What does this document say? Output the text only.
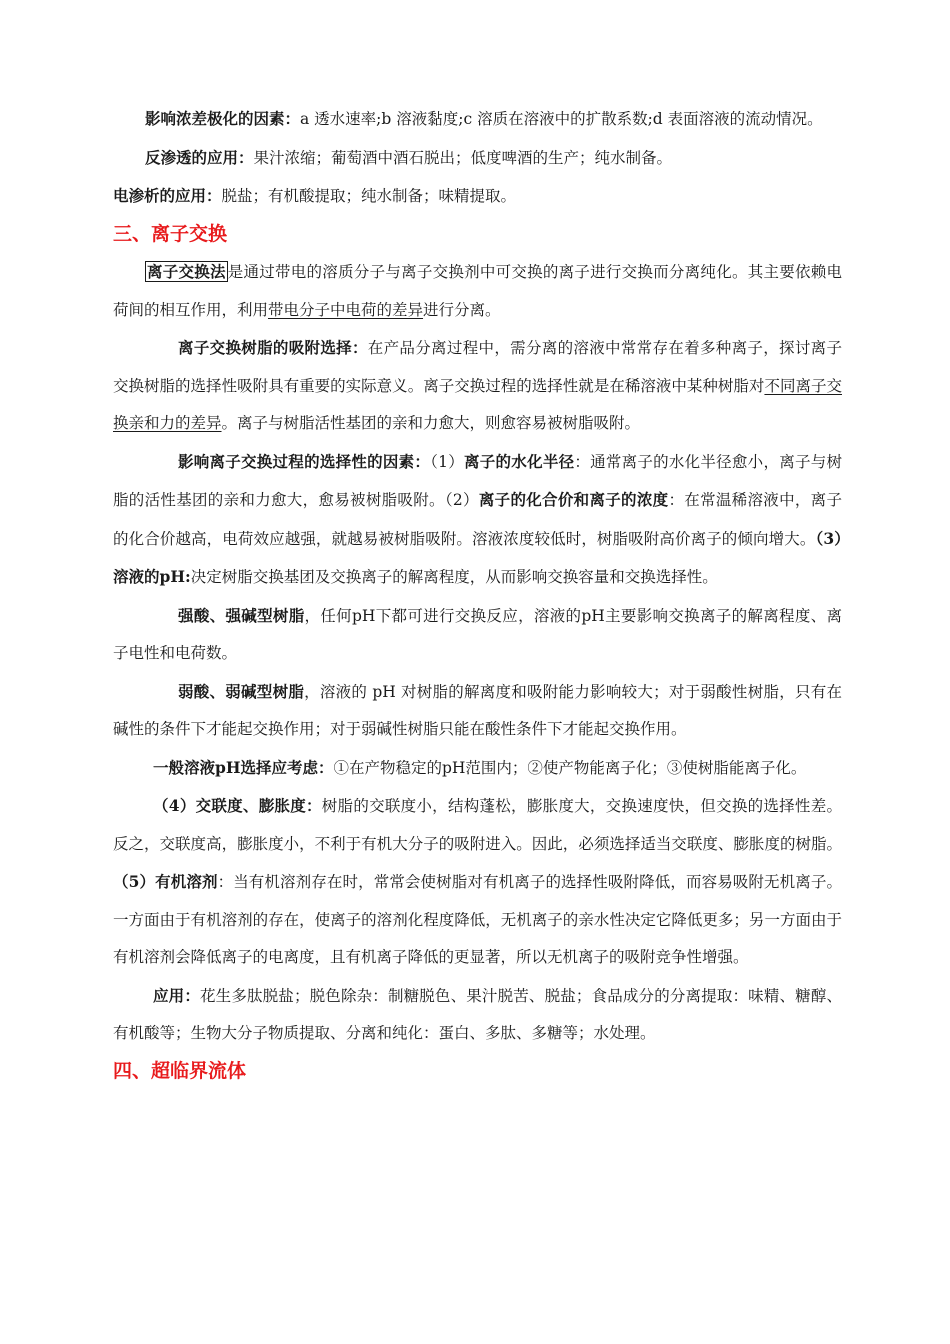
影响浓差极化的因素：a 透水速率;b 溶液黏度;c 溶质在溶液中的扩散系数;d 表面溶液的流动情况。

反渗透的应用：果汁浓缩；葡萄酒中酒石脱出；低度啤酒的生产；纯水制备。

电渗析的应用：脱盐；有机酸提取；纯水制备；味精提取。

三、离子交换

离子交换法 是通过带电的溶质分子与离子交换剂中可交换的离子进行交换而分离纯化。其主要依赖电荷间的相互作用，利用带电分子中电荷的差异进行分离。

离子交换树脂的吸附选择：在产品分离过程中，需分离的溶液中常常存在着多种离子，探讨离子交换树脂的选择性吸附具有重要的实际意义。离子交换过程的选择性就是在稀溶液中某种树脂对不同离子交换亲和力的差异。离子与树脂活性基团的亲和力愈大，则愈容易被树脂吸附。

影响离子交换过程的选择性的因素：（1）离子的水化半径：通常离子的水化半径愈小，离子与树脂的活性基团的亲和力愈大，愈易被树脂吸附。（2）离子的化合价和离子的浓度：在常温稀溶液中，离子的化合价越高，电荷效应越强，就越易被树脂吸附。溶液浓度较低时，树脂吸附高价离子的倾向增大。（3）溶液的pH:决定树脂交换基团及交换离子的解离程度，从而影响交换容量和交换选择性。

强酸、强碱型树脂，任何pH下都可进行交换反应，溶液的pH主要影响交换离子的解离程度、离子电性和电荷数。

弱酸、弱碱型树脂，溶液的 pH 对树脂的解离度和吸附能力影响较大；对于弱酸性树脂，只有在碱性的条件下才能起交换作用；对于弱碱性树脂只能在酸性条件下才能起交换作用。

一般溶液pH选择应考虑：①在产物稳定的pH范围内；②使产物能离子化；③使树脂能离子化。

（4）交联度、膨胀度：树脂的交联度小，结构蓬松，膨胀度大，交换速度快，但交换的选择性差。反之，交联度高，膨胀度小，不利于有机大分子的吸附进入。因此，必须选择适当交联度、膨胀度的树脂。（5）有机溶剂：当有机溶剂存在时，常常会使树脂对有机离子的选择性吸附降低，而容易吸附无机离子。一方面由于有机溶剂的存在，使离子的溶剂化程度降低，无机离子的亲水性决定它降低更多；另一方面由于有机溶剂会降低离子的电离度，且有机离子降低的更显著，所以无机离子的吸附竞争性增强。

应用：花生多肽脱盐；脱色除杂：制糖脱色、果汁脱苦、脱盐；食品成分的分离提取：味精、糖醇、有机酸等；生物大分子物质提取、分离和纯化：蛋白、多肽、多糖等；水处理。

四、超临界流体
